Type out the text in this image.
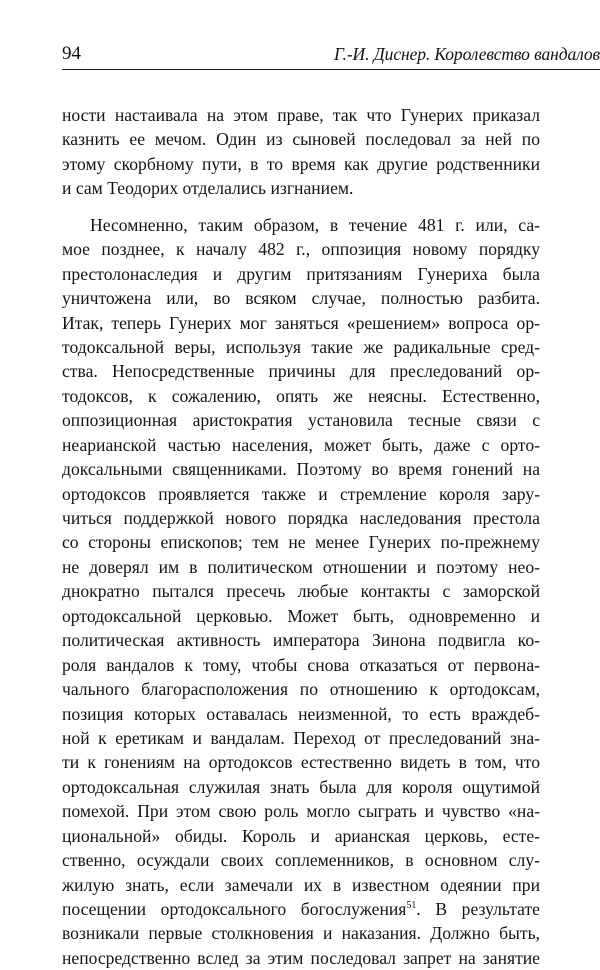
94	Г.-И. Диснер. Королевство вандалов
ности настаивала на этом праве, так что Гунерих приказал
казнить ее мечом. Один из сыновей последовал за ней по
этому скорбному пути, в то время как другие родственники
и сам Теодорих отделались изгнанием.
Несомненно, таким образом, в течение 481 г. или, са-
мое позднее, к началу 482 г., оппозиция новому порядку
престолонаследия и другим притязаниям Гунериха была
уничтожена или, во всяком случае, полностью разбита.
Итак, теперь Гунерих мог заняться «решением» вопроса ор-
тодоксальной веры, используя такие же радикальные сред-
ства. Непосредственные причины для преследований ор-
тодоксов, к сожалению, опять же неясны. Естественно,
оппозиционная аристократия установила тесные связи с
неарианской частью населения, может быть, даже с орто-
доксальными священниками. Поэтому во время гонений на
ортодоксов проявляется также и стремление короля зару-
читься поддержкой нового порядка наследования престола
со стороны епископов; тем не менее Гунерих по-прежнему
не доверял им в политическом отношении и поэтому нео-
днократно пытался пресечь любые контакты с заморской
ортодоксальной церковью. Может быть, одновременно и
политическая активность императора Зинона подвигла ко-
роля вандалов к тому, чтобы снова отказаться от первона-
чального благорасположения по отношению к ортодоксам,
позиция которых оставалась неизменной, то есть враждеб-
ной к еретикам и вандалам. Переход от преследований зна-
ти к гонениям на ортодоксов естественно видеть в том, что
ортодоксальная служилая знать была для короля ощутимой
помехой. При этом свою роль могло сыграть и чувство «на-
циональной» обиды. Король и арианская церковь, есте-
ственно, осуждали своих соплеменников, в основном слу-
жилую знать, если замечали их в известном одеянии при
посещении ортодоксального богослужения$^{51}$. В результате
возникали первые столкновения и наказания. Должно быть,
непосредственно вслед за этим последовал запрет на занятие
